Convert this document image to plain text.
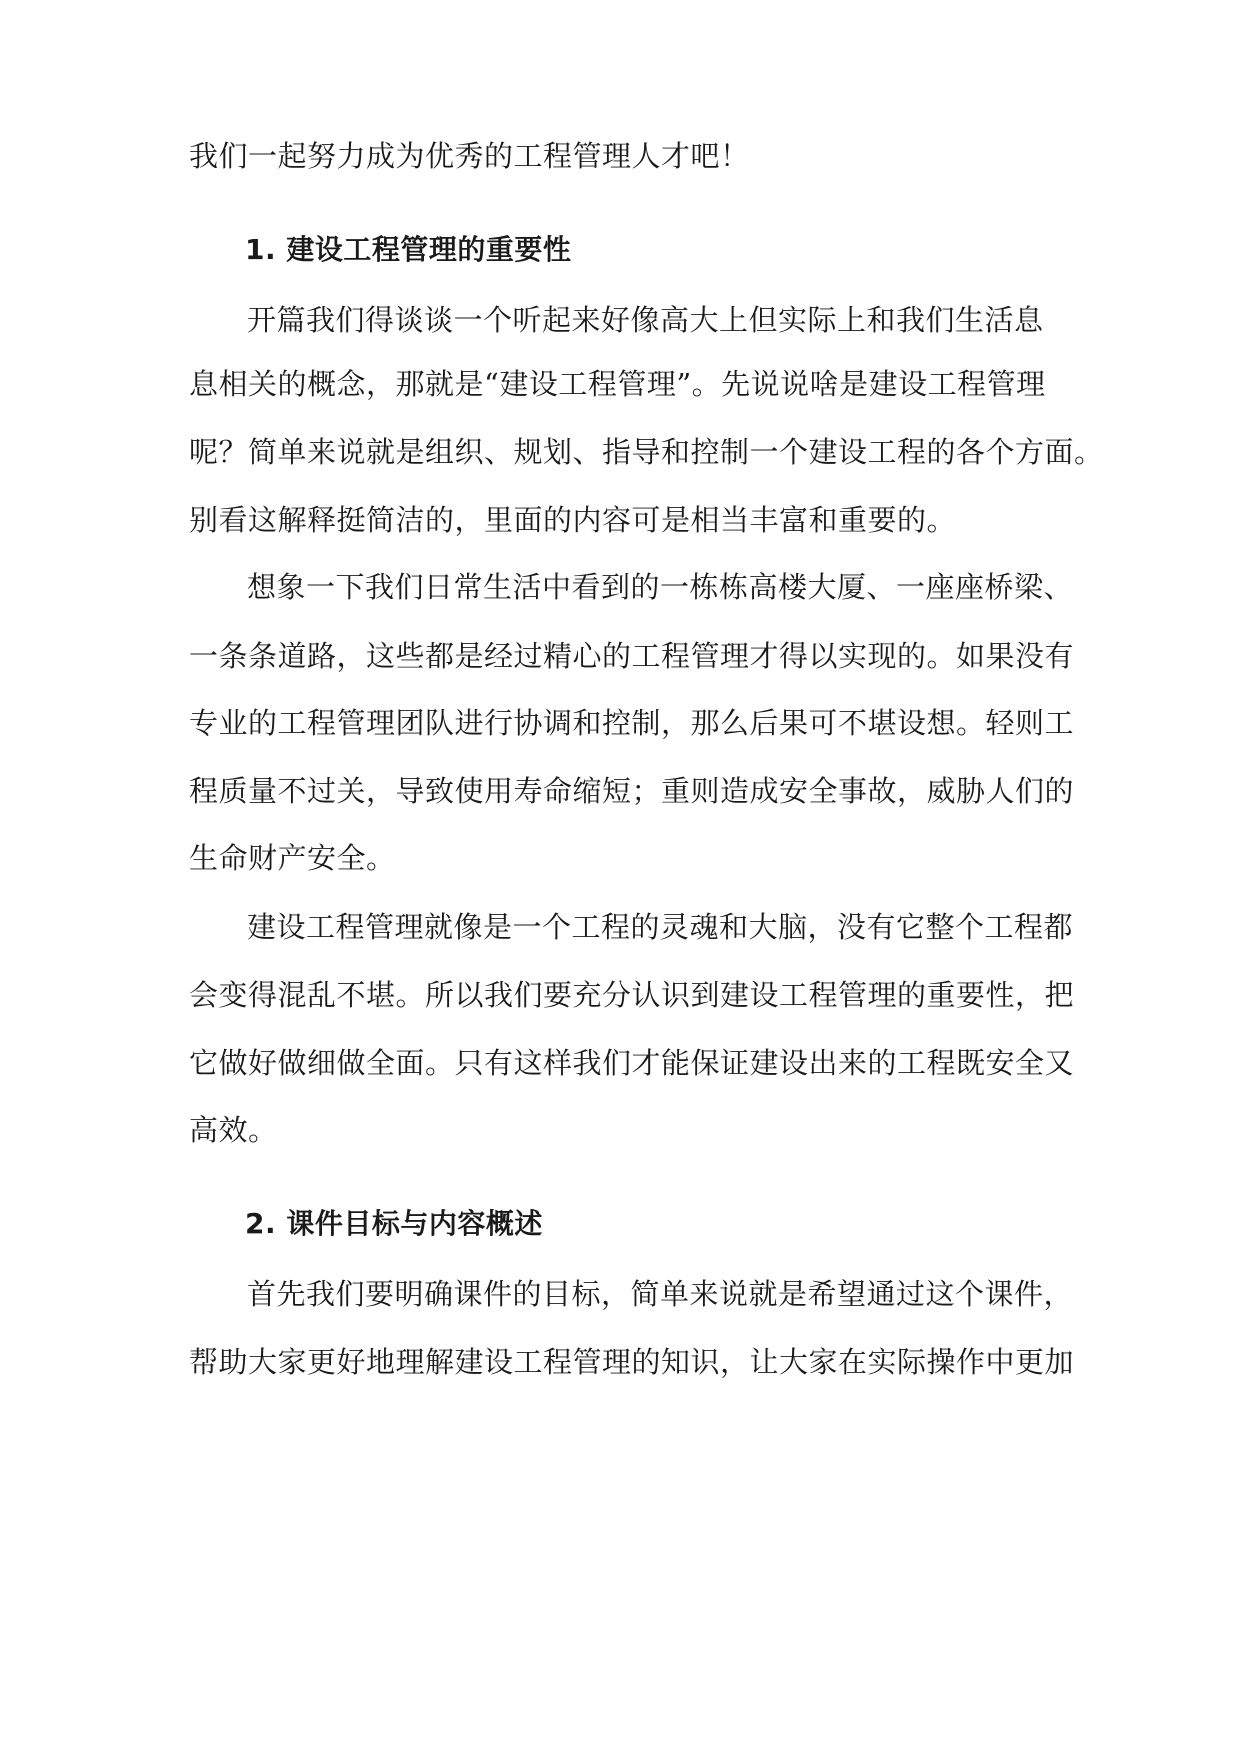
我们一起努力成为优秀的工程管理人才吧！
1. 建设工程管理的重要性
开篇我们得谈谈一个听起来好像高大上但实际上和我们生活息
息相关的概念，那就是“建设工程管理”。先说说啥是建设工程管理
呢？简单来说就是组织、规划、指导和控制一个建设工程的各个方面。
别看这解释挺简洁的，里面的内容可是相当丰富和重要的。
想象一下我们日常生活中看到的一栋栋高楼大厦、一座座桥梁、
一条条道路，这些都是经过精心的工程管理才得以实现的。如果没有
专业的工程管理团队进行协调和控制，那么后果可不堪设想。轻则工
程质量不过关，导致使用寿命缩短；重则造成安全事故，威胁人们的
生命财产安全。
建设工程管理就像是一个工程的灵魂和大脑，没有它整个工程都
会变得混乱不堪。所以我们要充分认识到建设工程管理的重要性，把
它做好做细做全面。只有这样我们才能保证建设出来的工程既安全又
高效。
2. 课件目标与内容概述
首先我们要明确课件的目标，简单来说就是希望通过这个课件，
帮助大家更好地理解建设工程管理的知识，让大家在实际操作中更加
